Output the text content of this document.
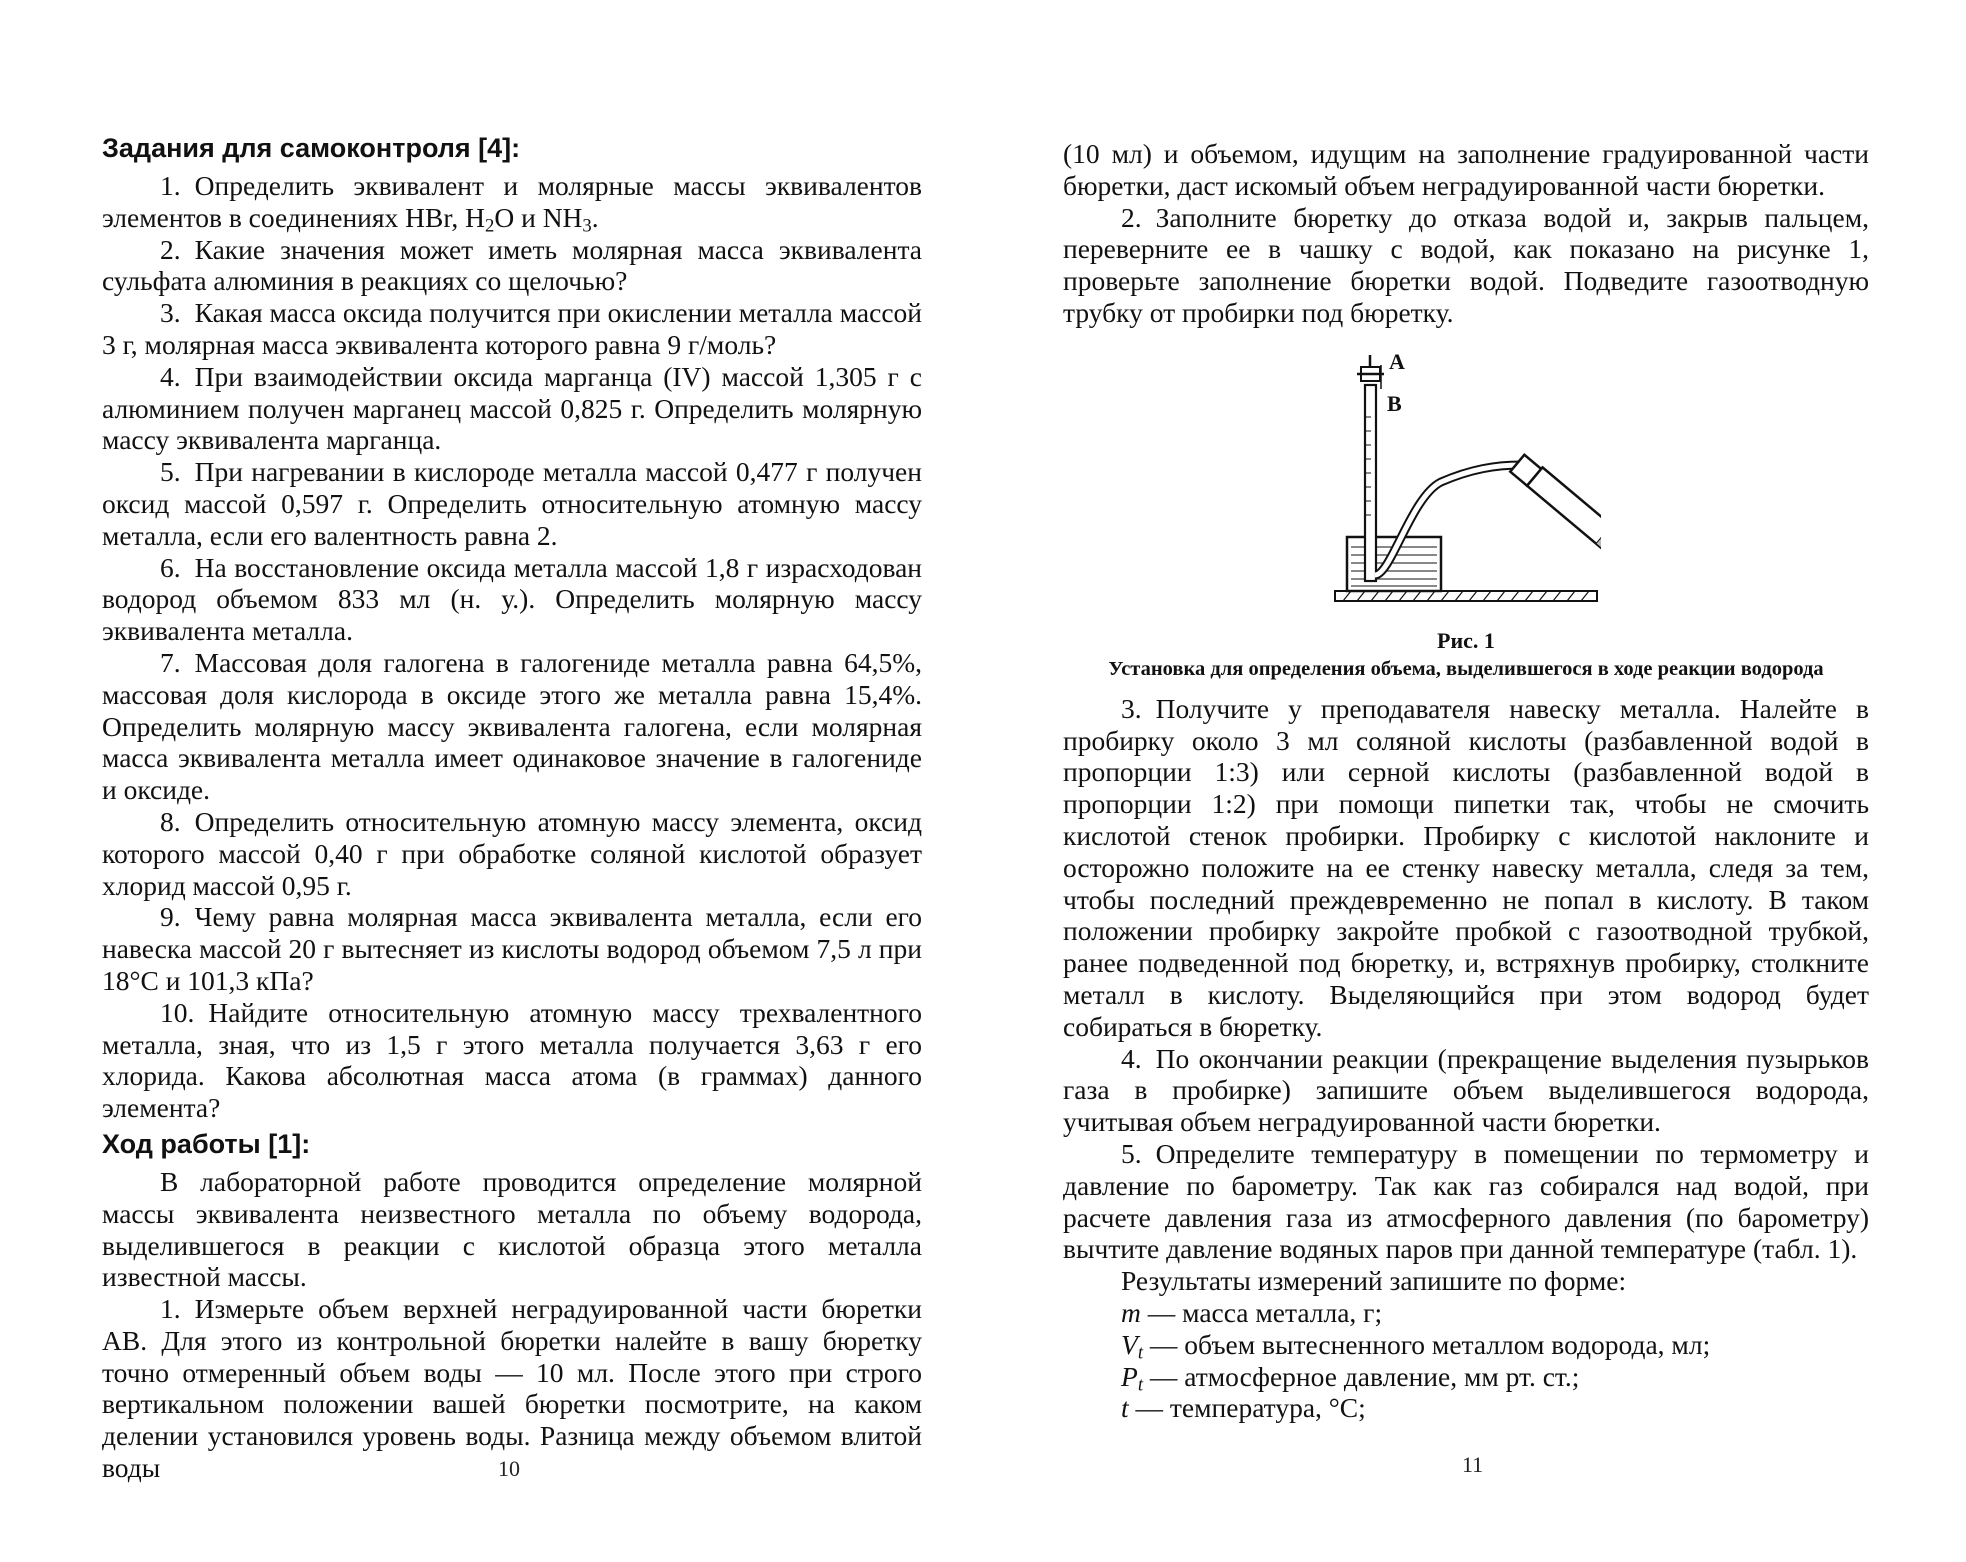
Задания для самоконтроля [4]:

1. Определить эквивалент и молярные массы эквивалентов элементов в соединениях HBr, $H_2O$ и $NH_3$.

2. Какие значения может иметь молярная масса эквивалента сульфата алюминия в реакциях со щелочью?

3. Какая масса оксида получится при окислении металла массой 3 г, молярная масса эквивалента которого равна 9 г/моль?

4. При взаимодействии оксида марганца (IV) массой 1,305 г с алюминием получен марганец массой 0,825 г. Определить молярную массу эквивалента марганца.

5. При нагревании в кислороде металла массой 0,477 г получен оксид массой 0,597 г. Определить относительную атомную массу металла, если его валентность равна 2.

6. На восстановление оксида металла массой 1,8 г израсходован водород объемом 833 мл (н. у.). Определить молярную массу эквивалента металла.

7. Массовая доля галогена в галогениде металла равна 64,5%, массовая доля кислорода в оксиде этого же металла равна 15,4%. Определить молярную массу эквивалента галогена, если молярная масса эквивалента металла имеет одинаковое значение в галогениде и оксиде.

8. Определить относительную атомную массу элемента, оксид которого массой 0,40 г при обработке соляной кислотой образует хлорид массой 0,95 г.

9. Чему равна молярная масса эквивалента металла, если его навеска массой 20 г вытесняет из кислоты водород объемом 7,5 л при 18°С и 101,3 кПа?

10. Найдите относительную атомную массу трехвалентного металла, зная, что из 1,5 г этого металла получается 3,63 г его хлорида. Какова абсолютная масса атома (в граммах) данного элемента?

Ход работы [1]:

В лабораторной работе проводится определение молярной массы эквивалента неизвестного металла по объему водорода, выделившегося в реакции с кислотой образца этого металла известной массы.

1. Измерьте объем верхней неградуированной части бюретки АВ. Для этого из контрольной бюретки налейте в вашу бюретку точно отмеренный объем воды — 10 мл. После этого при строго вертикальном положении вашей бюретки посмотрите, на каком делении установился уровень воды. Разница между объемом влитой воды	10

(10 мл) и объемом, идущим на заполнение градуированной части бюретки, даст искомый объем неградуированной части бюретки.

2. Заполните бюретку до отказа водой и, закрыв пальцем, переверните ее в чашку с водой, как показано на рисунке 1, проверьте заполнение бюретки водой. Подведите газоотводную трубку от пробирки под бюретку.

A
B
Рис. 1
Установка для определения объема, выделившегося в ходе реакции водорода

3. Получите у преподавателя навеску металла. Налейте в пробирку около 3 мл соляной кислоты (разбавленной водой в пропорции 1:3) или серной кислоты (разбавленной водой в пропорции 1:2) при помощи пипетки так, чтобы не смочить кислотой стенок пробирки. Пробирку с кислотой наклоните и осторожно положите на ее стенку навеску металла, следя за тем, чтобы последний преждевременно не попал в кислоту. В таком положении пробирку закройте пробкой с газоотводной трубкой, ранее подведенной под бюретку, и, встряхнув пробирку, столкните металл в кислоту. Выделяющийся при этом водород будет собираться в бюретку.

4. По окончании реакции (прекращение выделения пузырьков газа в пробирке) запишите объем выделившегося водорода, учитывая объем неградуированной части бюретки.

5. Определите температуру в помещении по термометру и давление по барометру. Так как газ собирался над водой, при расчете давления газа из атмосферного давления (по барометру) вычтите давление водяных паров при данной температуре (табл. 1).

Результаты измерений запишите по форме:

m — масса металла, г;

$V_t$ — объем вытесненного металлом водорода, мл;

$P_t$ — атмосферное давление, мм рт. ст.;

t — температура, °С;

11
